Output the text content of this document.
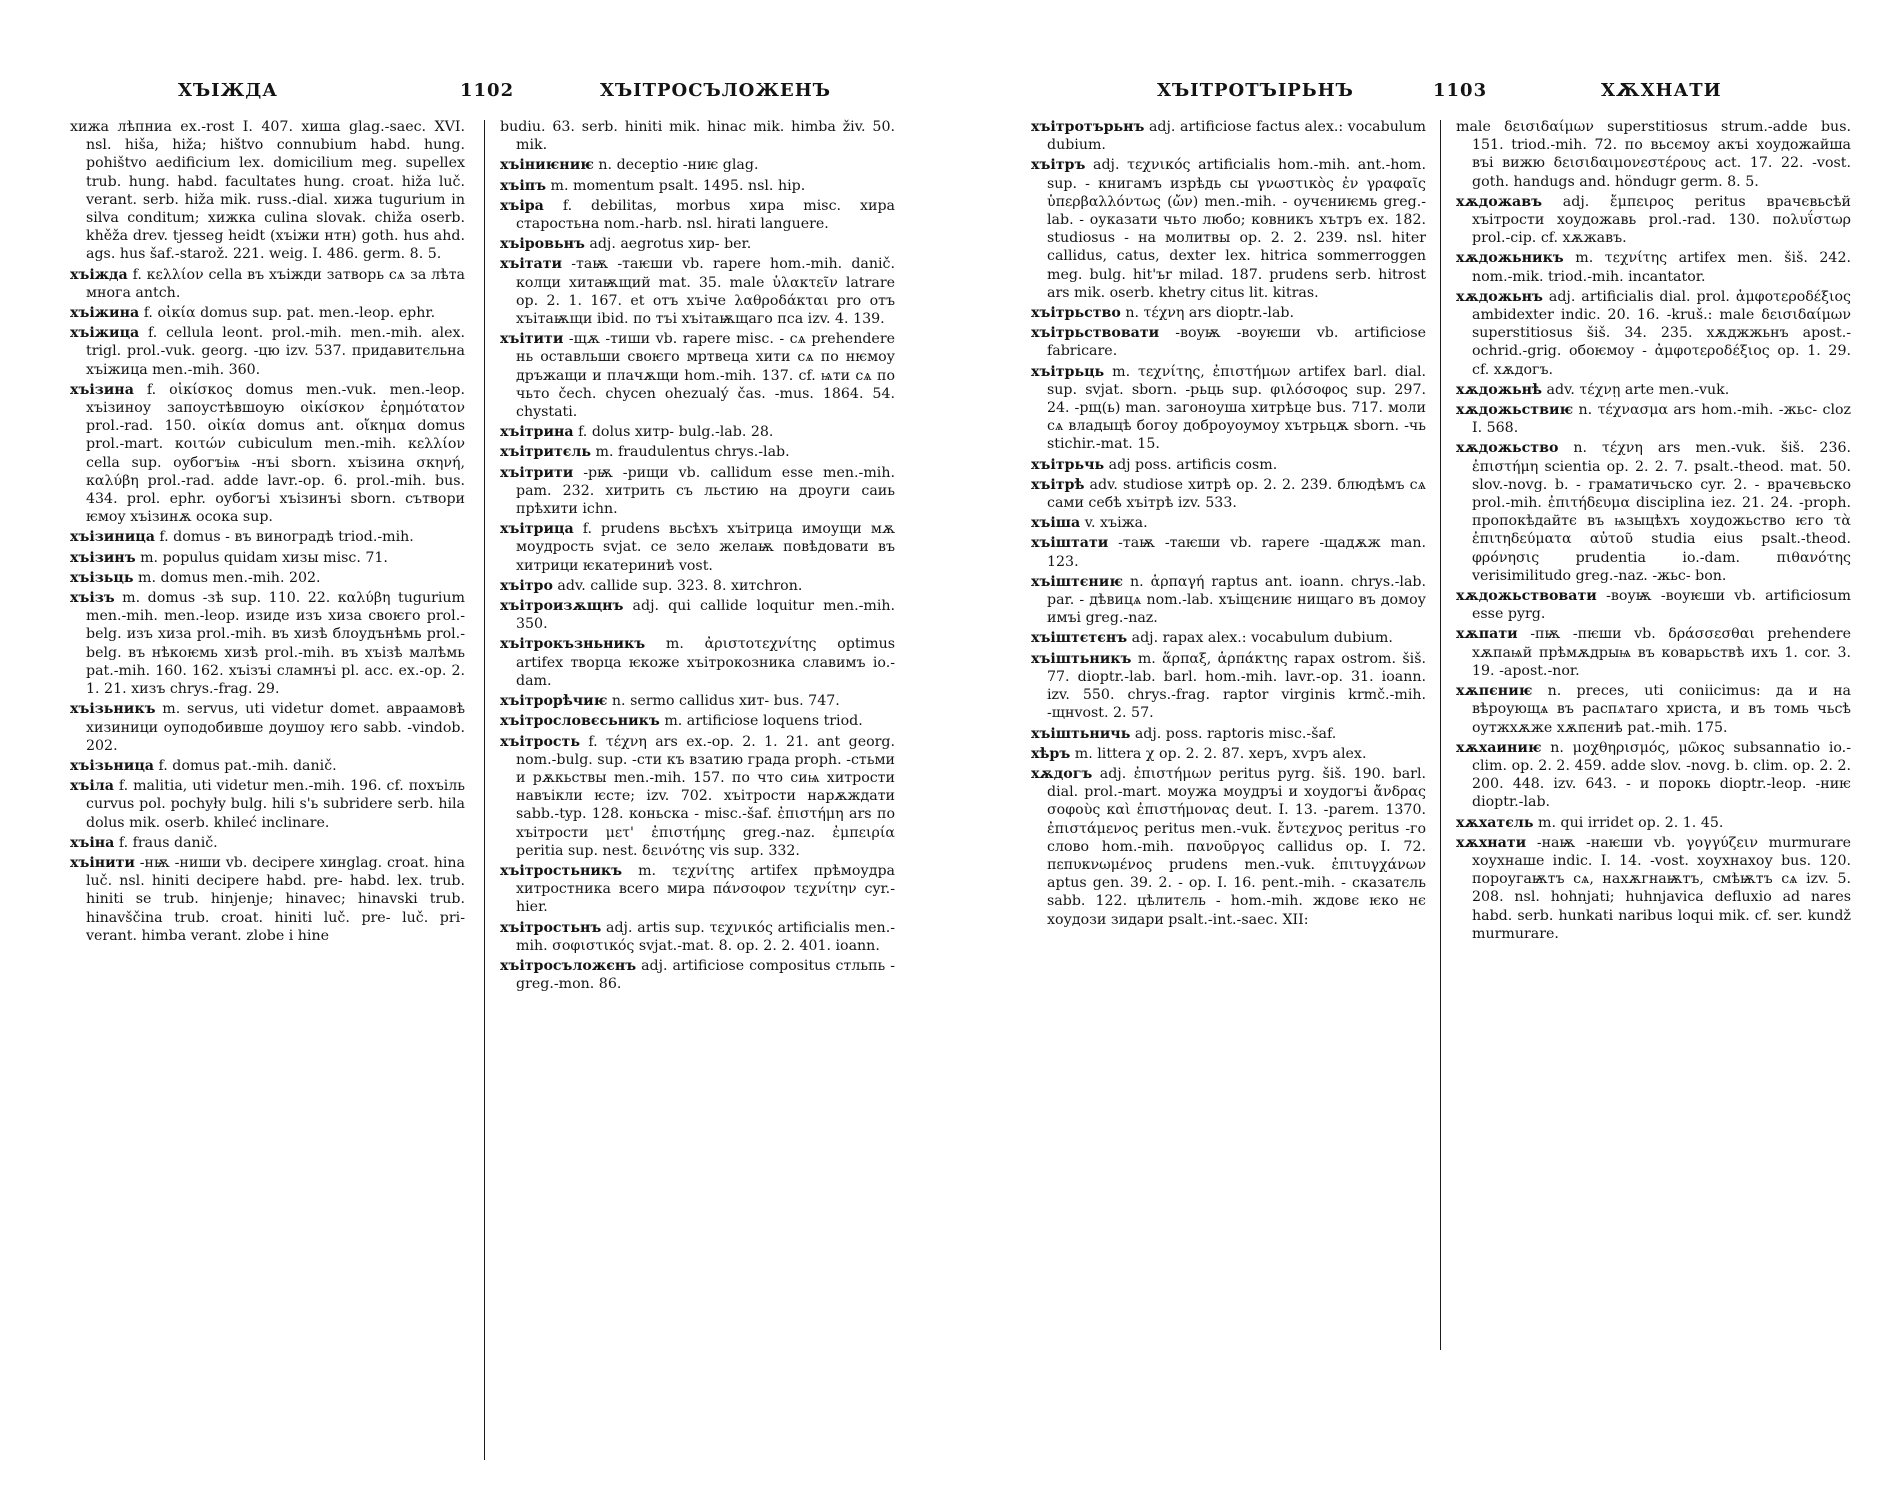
ХЪІЖДА	1102	ХЪІТРОСЪЛОЖЕНЪ
хижа лѣпниа ex.-rost I. 407. хиша glag.-saec. XVI. nsl. hiša, hiža; hištvo connubium habd. hung. pohištvo aedificium lex. domicilium meg. supellex trub. hung. habd. facultates hung. croat. hiža luč. verant. serb. hiža mik. russ.-dial. хижа tugurium in silva conditum; хижка culina slovak. chiža oserb. khěža drev. tjesseg heidt (хъіжи нтн) goth. hus ahd. ags. hus šaf.-starož. 221. weig. I. 486. germ. 8. 5.
хъіжда f. κελλίον cella въ хъіжди затворь сѧ за лѣта многа antch.
хъіжина f. οἰκία domus sup. pat. men.-leop. ephr.
хъіжица f. cellula leont. prol.-mih. men.-mih. alex. trigl. prol.-vuk. georg. -цю izv. 537. придавитєльна хъіжица men.-mih. 360.
хъізина f. οἰκίσκος domus men.-vuk. men.-leop. хъізиноу запоустѣвшоую οἰκίσκον ἐρημότατον prol.-rad. 150. οἰκία domus ant. οἴκημα domus prol.-mart. κοιτών cubiculum men.-mih. κελλίον cella sup. оубогъіѩ -нъі sborn. хъізина σκηνή, καλύβη prol.-rad. adde lavr.-op. 6. prol.-mih. bus. 434. prol. ephr. оубогъі хъізинъі sborn. сътвори ѥмоу хъізинѫ осока sup.
хъізиница f. domus - въ виноградѣ triod.-mih.
хъізинъ m. populus quidam хизы misc. 71.
хъізьць m. domus men.-mih. 202.
хъізъ m. domus -зѣ sup. 110. 22. καλύβη tugurium men.-mih. men.-leop. изиде изъ хиза своѥго prol.-belg. изъ хиза prol.-mih. въ хизѣ блоудънѣмь prol.-belg. въ нѣкоѥмь хизѣ prol.-mih. въ хъізѣ малѣмь pat.-mih. 160. 162. хъізъі сламнъі pl. acc. ex.-op. 2. 1. 21. хизъ chrys.-frag. 29.
хъізьникъ m. servus, uti videtur domet. авраамовѣ хизиници оуподобивше доушоу ѥго sabb. -vindob. 202.
хъізьница f. domus pat.-mih. danič.
хъіла f. malitia, uti videtur men.-mih. 196. cf. похъіль curvus pol. pochyły bulg. hili s'ь subridere serb. hila dolus mik. oserb. khileć inclinare.
хъіна f. fraus danič.
хъінити -нѭ -ниши vb. decipere хинglag. croat. hina luč. nsl. hiniti decipere habd. pre- habd. lex. trub. hiniti se trub. hinjenje; hinavec; hinavski trub. hinavščina trub. croat. hiniti luč. pre- luč. pri- verant. himba verant. zlobe i hine
budiu. 63. serb. hiniti mik. hinac mik. himba živ. 50. mik.
хъіниѥниѥ n. deceptio -ниѥ glag.
хъіпъ m. momentum psalt. 1495. nsl. hip.
хъіра f. debilitas, morbus хира misc. хира старостьна nom.-harb. nsl. hirati languere.
хъіровьнъ adj. aegrotus хир- ber.
хъітати -таѭ -таѥши vb. rapere hom.-mih. danič. колци хитаѭщий mat. 35. male ὑλακτεῖν latrare op. 2. 1. 167. et отъ хъіче λαθροδάκται pro отъ хъітаѭщи ibid. по тъі хъітаѭщаго пса izv. 4. 139.
хъітити -щѫ -тиши vb. rapere misc. - сѧ prehendere нь оставльши своѥго мртвеца хити сѧ по нѥмоу дръжащи и плачѫщи hom.-mih. 137. cf. ѩти сѧ по чьто čech. chycen ohezualý čas. -mus. 1864. 54. chystati.
хъітрина f. dolus хитр- bulg.-lab. 28.
хъітритєль m. fraudulentus chrys.-lab.
хъітрити -рѭ -рищи vb. callidum esse men.-mih. pam. 232. хитрить съ льстию на дроуги саиь прѣхити ichn.
хъітрица f. prudens вьсѣхъ хъітрица имоущи мѫ моудрость svjat. се зело желаѭ повѣдовати въ хитрици ѥкатериниѣ vost.
хъітро adv. callide sup. 323. 8. хитchron.
хъітроизѫщнъ adj. qui callide loquitur men.-mih. 350.
хъітрокъзньникъ m. ἀριστοτεχνίτης optimus artifex творца ѥкоже хъітрокозника славимъ io.-dam.
хъітрорѣчиѥ n. sermo callidus хит- bus. 747.
хъітрословєсьникъ m. artificiose loquens triod.
хъітрость f. τέχνη ars ex.-op. 2. 1. 21. ant georg. nom.-bulg. sup. -сти къ взатию града proph. -стьми и рѫкьствы men.-mih. 157. по что сиѩ хитрости навъікли ѥсте; izv. 702. хъітрости нарѫждати sabb.-typ. 128. коньска - misc.-šaf. ἐπιστήμη ars по хъітрости μετ' ἐπιστήμης greg.-naz. ἐμπειρία peritia sup. nest. δεινότης vis sup. 332.
хъітростьникъ m. τεχνίτης artifex прѣмоудра хитростника всего мира πάνσοφον τεχνίτην cyr.-hier.
хъітростьнъ adj. artis sup. τεχνικός artificialis men.-mih. σοφιστικός svjat.-mat. 8. op. 2. 2. 401. ioann.
хъітросъложєнъ adj. artificiose compositus стльпь - greg.-mon. 86.
ХЪІТРОТЪІРЬНЪ	1103	ХѪХНАТИ
хъітротърьнъ adj. artificiose factus alex.: vocabulum dubium.
хъітръ adj. τεχνικός artificialis hom.-mih. ant.-hom. sup. - книгамъ изрѣдь сы γνωστικὸς ἐν γραφαῖς ὑπερβαλλόντως (ὤν) men.-mih. - оучєниѥмь greg.-lab. - оуказати чьто любо; ковникъ хътръ ex. 182. studiosus - на молитвы op. 2. 2. 239. nsl. hiter callidus, catus, dexter lex. hitrica sommerroggen meg. bulg. hit'ъr milad. 187. prudens serb. hitrost ars mik. oserb. khetry citus lit. kitras.
хъітрьство n. τέχνη ars dioptr.-lab.
хъітрьствовати -воуѭ -воуѥши vb. artificiose fabricare.
хъітрьць m. τεχνίτης, ἐπιστήμων artifex barl. dial. sup. svjat. sborn. -рьць sup. φιλόσοφος sup. 297. 24. -рщ(ь) man. загоноуша хитрѣце bus. 717. моли сѧ владыцѣ богоу доброуоумоу хътрьцѫ sborn. -чь stichir.-mat. 15.
хъітрьчь adj poss. artificis cosm.
хъітрѣ adv. studiose хитрѣ op. 2. 2. 239. блюдѣмъ сѧ сами себѣ хъітрѣ izv. 533.
хъіша v. хъіжа.
хъіштати -таѭ -таѥши vb. rapere -щадѫж man. 123.
хъіштєниѥ n. ἁρπαγή raptus ant. ioann. chrys.-lab. par. - дѣвицѧ nom.-lab. хъіщєниѥ нищаго въ домоу имъі greg.-naz.
хъіштєтєнъ adj. rapax alex.: vocabulum dubium.
хъіштьникъ m. ἅρπαξ, ἁρπάκτης rapax ostrom. šiš. 77. dioptr.-lab. barl. hom.-mih. lavr.-op. 31. ioann. izv. 550. chrys.-frag. raptor virginis krmč.-mih. -щнvost. 2. 57.
хъіштьничь adj. poss. raptoris misc.-šaf.
хѣръ m. littera χ op. 2. 2. 87. херъ, хѵръ alex.
хѫдогъ adj. ἐπιστήμων peritus pyrg. šiš. 190. barl. dial. prol.-mart. моужа моудръі и хоудогъі ἄνδρας σοφοὺς καὶ ἐπιστήμονας deut. I. 13. -parem. 1370. ἐπιστάμενος peritus men.-vuk. ἔντεχνος peritus -го слово hom.-mih. πανοῦργος callidus op. I. 72. πεπυκνωμένος prudens men.-vuk. ἐπιτυγχάνων aptus gen. 39. 2. - op. I. 16. pent.-mih. - сказатєль sabb. 122. цѣлитєль - hom.-mih. ждовє ѥко нє хоудози зидари psalt.-int.-saec. XII:
male δεισιδαίμων superstitiosus strum.-adde bus. 151. triod.-mih. 72. по вьсємоу акъі хоудожайша въі вижю δεισιδαιμονεστέρους act. 17. 22. -vost. goth. handugs and. höndugr germ. 8. 5.
хѫдожавъ adj. ἔμπειρος peritus врачєвьсѣй хъітрости хоудожавь prol.-rad. 130. πολυΐστωρ prol.-cip. cf. хѫжавъ.
хѫдожьникъ m. τεχνίτης artifex men. šiš. 242. nom.-mik. triod.-mih. incantator.
хѫдожьнъ adj. artificialis dial. prol. ἀμφοτεροδέξιος ambidexter indic. 20. 16. -kruš.: male δεισιδαίμων superstitiosus šiš. 34. 235. хѫджжьнъ apost.-ochrid.-grig. обоѥмоу - ἀμφοτεροδέξιος op. 1. 29. cf. хѫдогъ.
хѫдожьнѣ adv. τέχνῃ arte men.-vuk.
хѫдожьствиѥ n. τέχνασμα ars hom.-mih. -жьс- cloz I. 568.
хѫдожьство n. τέχνη ars men.-vuk. šiš. 236. ἐπιστήμη scientia op. 2. 2. 7. psalt.-theod. mat. 50. slov.-novg. b. - граматичьско cyr. 2. - врачєвьско prol.-mih. ἐπιτήδευμα disciplina iez. 21. 24. -proph. пропокѣдайтє въ ѩзыцѣхъ хоудожьство ѥго τὰ ἐπιτηδεύματα αὐτοῦ studia eius psalt.-theod. φρόνησις prudentia io.-dam. πιθανότης verisimilitudo greg.-naz. -жьс- bon.
хѫдожьствовати -воуѭ -воуѥши vb. artificiosum esse pyrg.
хѫпати -пѭ -пѥши vb. δράσσεσθαι prehendere хѫпаѩй прѣмѫдрыѩ въ коварьствѣ ихъ 1. cor. 3. 19. -apost.-nor.
хѫпєниѥ n. preces, uti coniicimus: да и на вѣроующѧ въ распѧтаго христа, и въ томь чьсѣ оутжхѫже хѫпєниѣ pat.-mih. 175.
хѫхаиниѥ n. μοχθηρισμός, μῶκος subsannatio io.-clim. op. 2. 2. 459. adde slov. -novg. b. clim. op. 2. 2. 200. 448. izv. 643. - и порокь dioptr.-leop. -ниѥ dioptr.-lab.
хѫхатєль m. qui irridet op. 2. 1. 45.
хѫхнати -наѭ -наѥши vb. γογγύζειν murmurare хоухнаше indic. I. 14. -vost. хоухнахоу bus. 120. пороугаѭтъ сѧ, нахѫгнаѭтъ, смѣѭтъ сѧ izv. 5. 208. nsl. hohnjati; huhnjavica defluxio ad nares habd. serb. hunkati naribus loqui mik. cf. ser. kundž murmurare.
